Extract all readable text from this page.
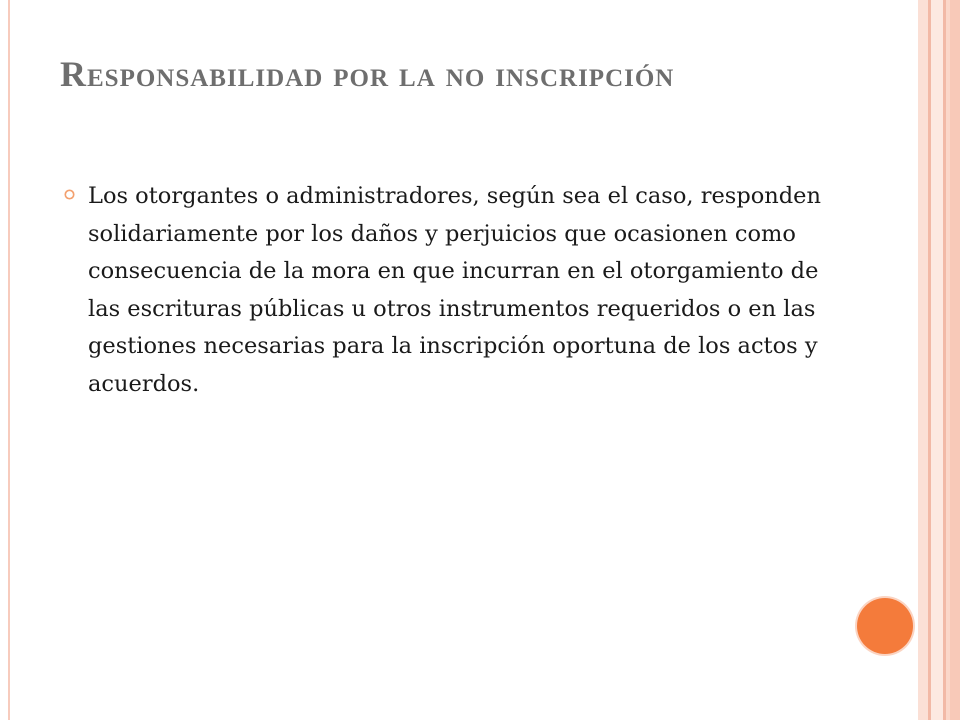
Responsabilidad por la no inscripción

Los otorgantes o administradores, según sea el caso, responden solidariamente por los daños y perjuicios que ocasionen como consecuencia de la mora en que incurran en el otorgamiento de las escrituras públicas u otros instrumentos requeridos o en las gestiones necesarias para la inscripción oportuna de los actos y acuerdos.
